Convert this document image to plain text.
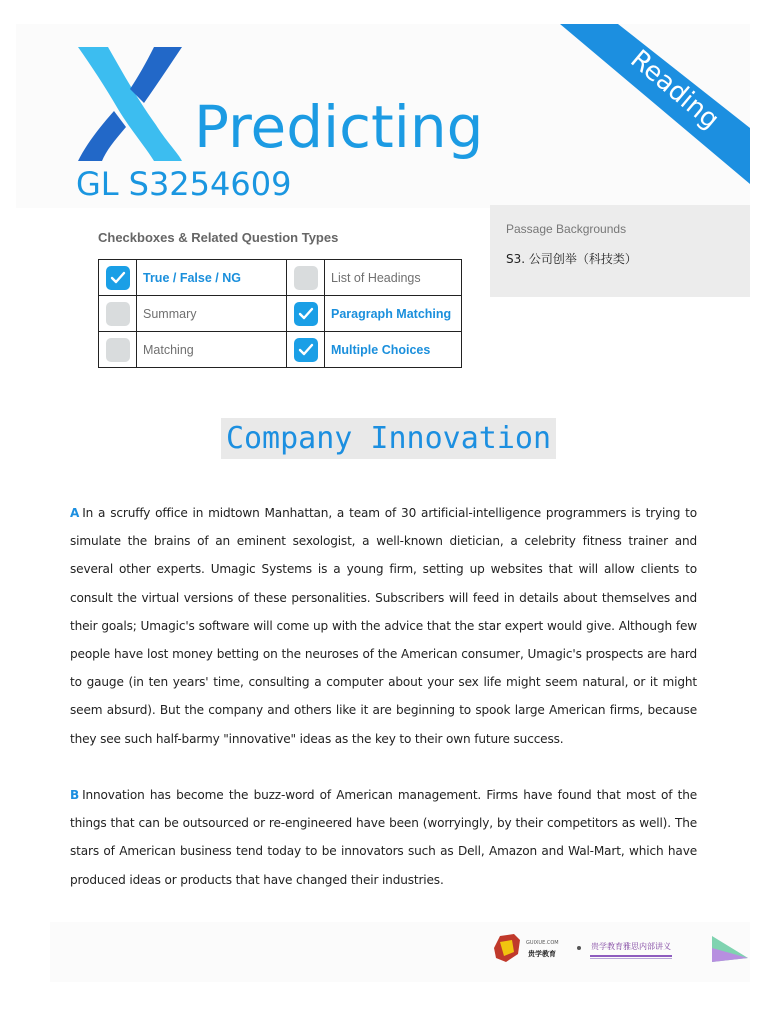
Predicting
GL S3254609
Reading
Checkboxes & Related Question Types
	True / False / NG		List of Headings
	Summary		Paragraph Matching
	Matching		Multiple Choices
Passage Backgrounds
S3. 公司创举（科技类）
Company Innovation

A In a scruffy office in midtown Manhattan, a team of 30 artificial-intelligence programmers is trying to simulate the brains of an eminent sexologist, a well-known dietician, a celebrity fitness trainer and several other experts. Umagic Systems is a young firm, setting up websites that will allow clients to consult the virtual versions of these personalities. Subscribers will feed in details about themselves and their goals; Umagic's software will come up with the advice that the star expert would give. Although few people have lost money betting on the neuroses of the American consumer, Umagic's prospects are hard to gauge (in ten years' time, consulting a computer about your sex life might seem natural, or it might seem absurd). But the company and others like it are beginning to spook large American firms, because they see such half-barmy "innovative" ideas as the key to their own future success.

B Innovation has become the buzz-word of American management. Firms have found that most of the things that can be outsourced or re-engineered have been (worryingly, by their competitors as well). The stars of American business tend today to be innovators such as Dell, Amazon and Wal-Mart, which have produced ideas or products that have changed their industries.

GUIXUE.COM
贵学教育
贵学教育雅思内部讲义
